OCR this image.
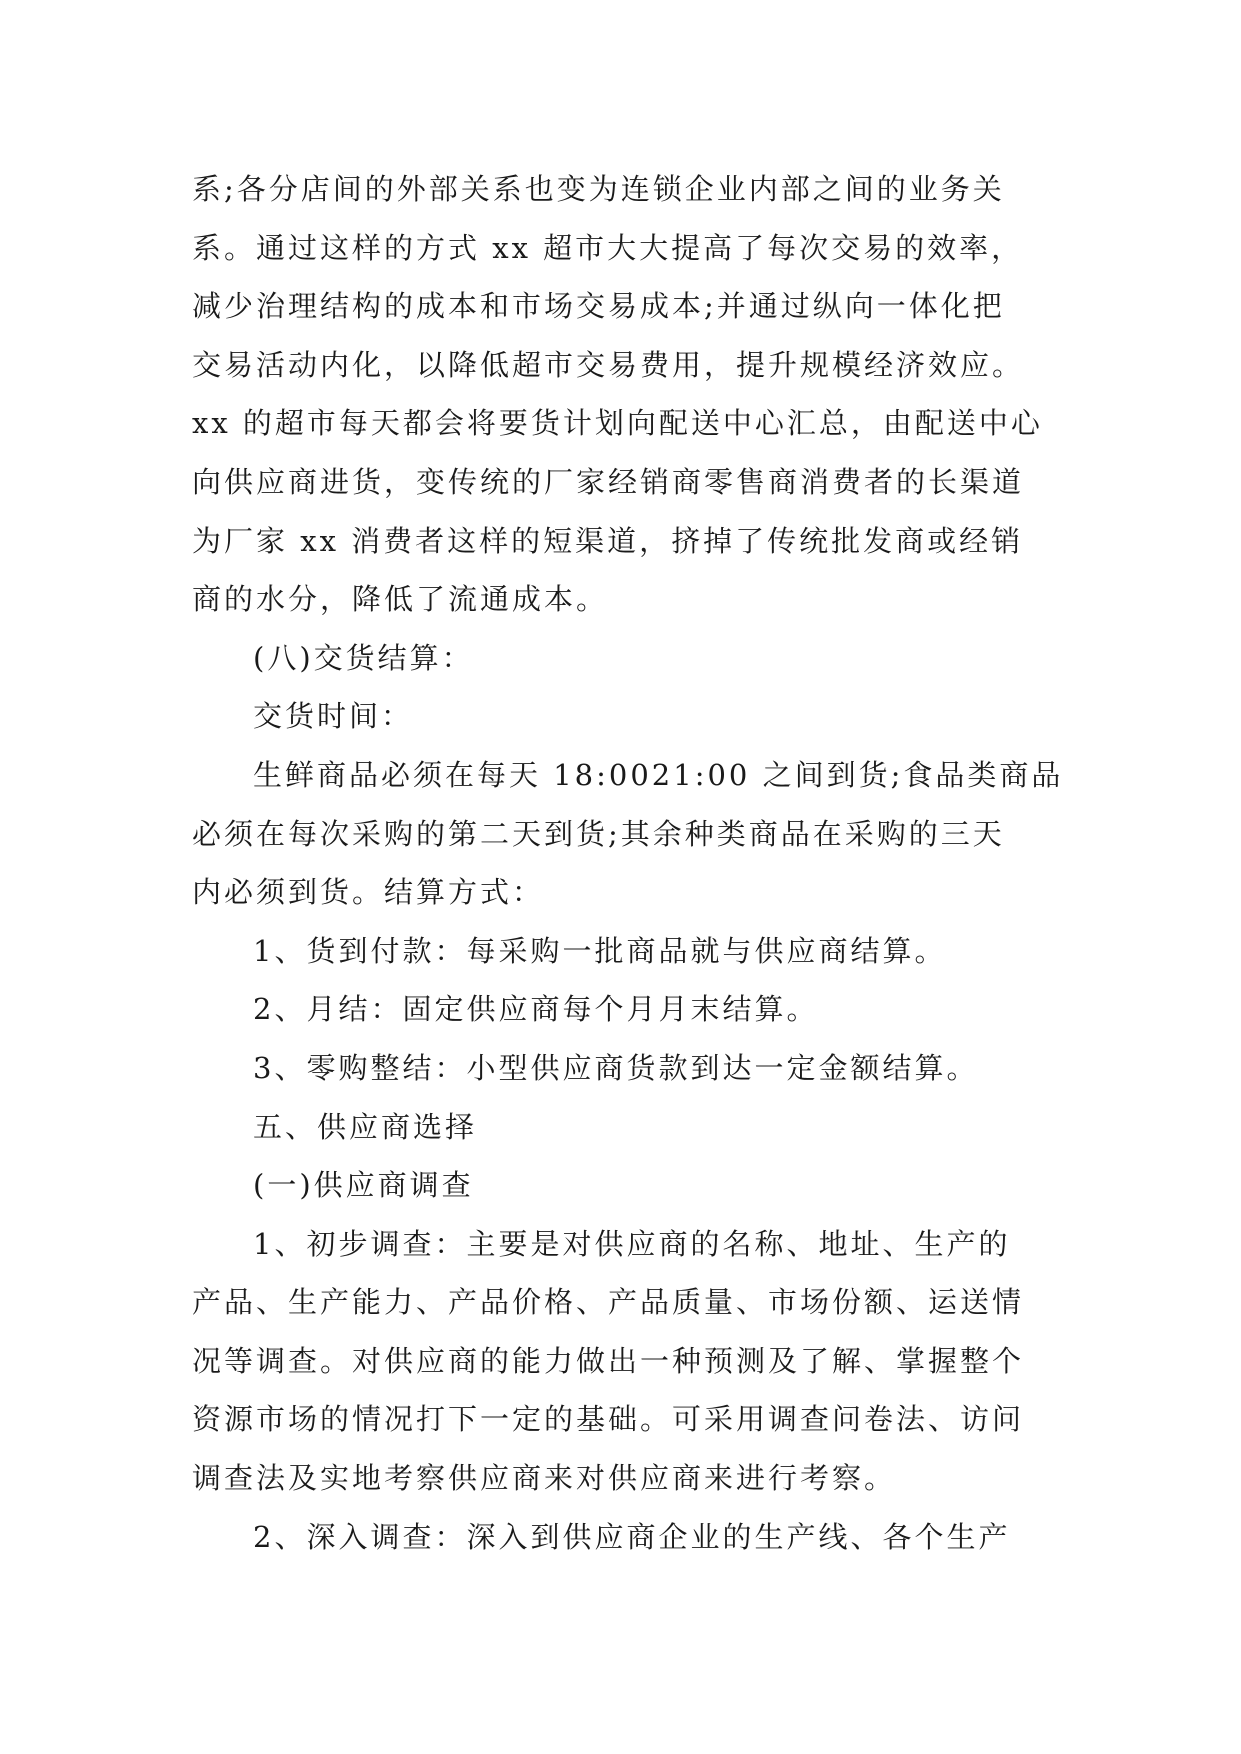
系;各分店间的外部关系也变为连锁企业内部之间的业务关
系。通过这样的方式 xx 超市大大提高了每次交易的效率，
减少治理结构的成本和市场交易成本;并通过纵向一体化把
交易活动内化，以降低超市交易费用，提升规模经济效应。
xx 的超市每天都会将要货计划向配送中心汇总，由配送中心
向供应商进货，变传统的厂家经销商零售商消费者的长渠道
为厂家 xx 消费者这样的短渠道，挤掉了传统批发商或经销
商的水分，降低了流通成本。
(八)交货结算：
交货时间：
生鲜商品必须在每天 18:0021:00 之间到货;食品类商品
必须在每次采购的第二天到货;其余种类商品在采购的三天
内必须到货。结算方式：
1、货到付款：每采购一批商品就与供应商结算。
2、月结：固定供应商每个月月末结算。
3、零购整结：小型供应商货款到达一定金额结算。
五、供应商选择
(一)供应商调查
1、初步调查：主要是对供应商的名称、地址、生产的
产品、生产能力、产品价格、产品质量、市场份额、运送情
况等调查。对供应商的能力做出一种预测及了解、掌握整个
资源市场的情况打下一定的基础。可采用调查问卷法、访问
调查法及实地考察供应商来对供应商来进行考察。
2、深入调查：深入到供应商企业的生产线、各个生产
